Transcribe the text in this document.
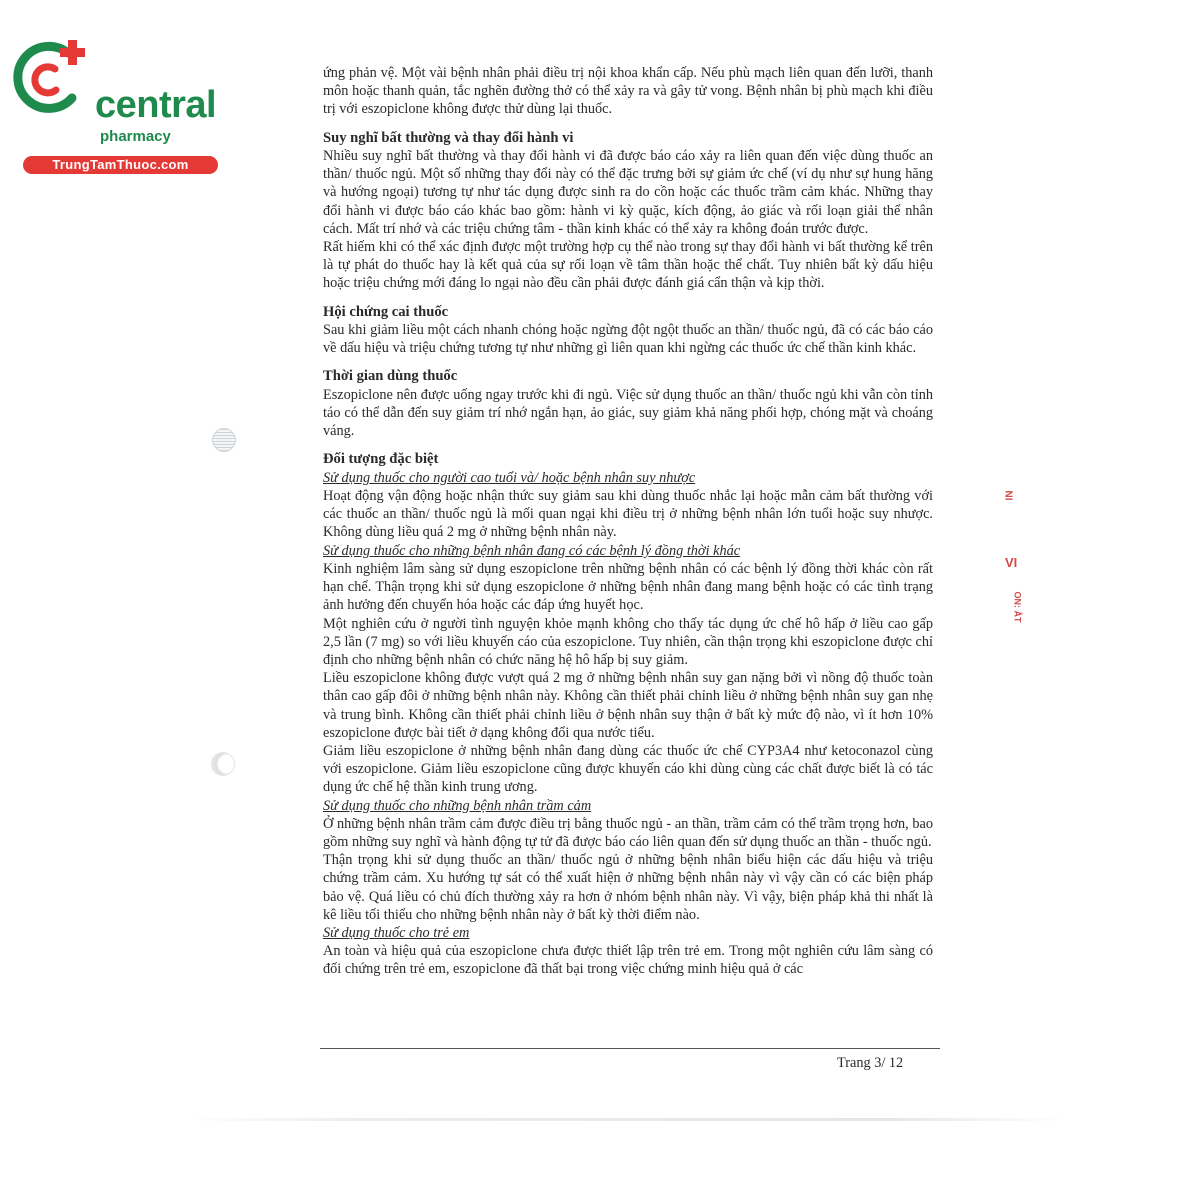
central

pharmacy
TrungTamThuoc.com
NI
VI
ON: ẮT

ứng phản vệ. Một vài bệnh nhân phải điều trị nội khoa khẩn cấp. Nếu phù mạch liên quan đến lưỡi, thanh môn hoặc thanh quản, tắc nghẽn đường thở có thể xảy ra và gây tử vong. Bệnh nhân bị phù mạch khi điều trị với eszopiclone không được thử dùng lại thuốc.

Suy nghĩ bất thường và thay đổi hành vi

Nhiều suy nghĩ bất thường và thay đổi hành vi đã được báo cáo xảy ra liên quan đến việc dùng thuốc an thần/ thuốc ngủ. Một số những thay đổi này có thể đặc trưng bởi sự giảm ức chế (ví dụ như sự hung hăng và hướng ngoại) tương tự như tác dụng được sinh ra do cồn hoặc các thuốc trầm cảm khác. Những thay đổi hành vi được báo cáo khác bao gồm: hành vi kỳ quặc, kích động, ảo giác và rối loạn giải thể nhân cách. Mất trí nhớ và các triệu chứng tâm - thần kinh khác có thể xảy ra không đoán trước được.

Rất hiếm khi có thể xác định được một trường hợp cụ thể nào trong sự thay đổi hành vi bất thường kể trên là tự phát do thuốc hay là kết quả của sự rối loạn về tâm thần hoặc thể chất. Tuy nhiên bất kỳ dấu hiệu hoặc triệu chứng mới đáng lo ngại nào đều cần phải được đánh giá cẩn thận và kịp thời.

Hội chứng cai thuốc

Sau khi giảm liều một cách nhanh chóng hoặc ngừng đột ngột thuốc an thần/ thuốc ngủ, đã có các báo cáo về dấu hiệu và triệu chứng tương tự như những gì liên quan khi ngừng các thuốc ức chế thần kinh khác.

Thời gian dùng thuốc

Eszopiclone nên được uống ngay trước khi đi ngủ. Việc sử dụng thuốc an thần/ thuốc ngủ khi vẫn còn tỉnh táo có thể dẫn đến suy giảm trí nhớ ngắn hạn, ảo giác, suy giảm khả năng phối hợp, chóng mặt và choáng váng.

Đối tượng đặc biệt

Sử dụng thuốc cho người cao tuổi và/ hoặc bệnh nhân suy nhược

Hoạt động vận động hoặc nhận thức suy giảm sau khi dùng thuốc nhắc lại hoặc mẫn cảm bất thường với các thuốc an thần/ thuốc ngủ là mối quan ngại khi điều trị ở những bệnh nhân lớn tuổi hoặc suy nhược. Không dùng liều quá 2 mg ở những bệnh nhân này.

Sử dụng thuốc cho những bệnh nhân đang có các bệnh lý đồng thời khác

Kinh nghiệm lâm sàng sử dụng eszopiclone trên những bệnh nhân có các bệnh lý đồng thời khác còn rất hạn chế. Thận trọng khi sử dụng eszopiclone ở những bệnh nhân đang mang bệnh hoặc có các tình trạng ảnh hưởng đến chuyển hóa hoặc các đáp ứng huyết học.

Một nghiên cứu ở người tình nguyện khỏe mạnh không cho thấy tác dụng ức chế hô hấp ở liều cao gấp 2,5 lần (7 mg) so với liều khuyến cáo của eszopiclone. Tuy nhiên, cần thận trọng khi eszopiclone được chỉ định cho những bệnh nhân có chức năng hệ hô hấp bị suy giảm.

Liều eszopiclone không được vượt quá 2 mg ở những bệnh nhân suy gan nặng bởi vì nồng độ thuốc toàn thân cao gấp đôi ở những bệnh nhân này. Không cần thiết phải chỉnh liều ở những bệnh nhân suy gan nhẹ và trung bình. Không cần thiết phải chỉnh liều ở bệnh nhân suy thận ở bất kỳ mức độ nào, vì ít hơn 10% eszopiclone được bài tiết ở dạng không đổi qua nước tiểu.

Giảm liều eszopiclone ở những bệnh nhân đang dùng các thuốc ức chế CYP3A4 như ketoconazol cùng với eszopiclone. Giảm liều eszopiclone cũng được khuyến cáo khi dùng cùng các chất được biết là có tác dụng ức chế hệ thần kinh trung ương.

Sử dụng thuốc cho những bệnh nhân trầm cảm

Ở những bệnh nhân trầm cảm được điều trị bằng thuốc ngủ - an thần, trầm cảm có thể trầm trọng hơn, bao gồm những suy nghĩ và hành động tự tử đã được báo cáo liên quan đến sử dụng thuốc an thần - thuốc ngủ.

Thận trọng khi sử dụng thuốc an thần/ thuốc ngủ ở những bệnh nhân biểu hiện các dấu hiệu và triệu chứng trầm cảm. Xu hướng tự sát có thể xuất hiện ở những bệnh nhân này vì vậy cần có các biện pháp bảo vệ. Quá liều có chủ đích thường xảy ra hơn ở nhóm bệnh nhân này. Vì vậy, biện pháp khả thi nhất là kê liều tối thiểu cho những bệnh nhân này ở bất kỳ thời điểm nào.

Sử dụng thuốc cho trẻ em

An toàn và hiệu quả của eszopiclone chưa được thiết lập trên trẻ em. Trong một nghiên cứu lâm sàng có đối chứng trên trẻ em, eszopiclone đã thất bại trong việc chứng minh hiệu quả ở các

Trang 3/ 12
